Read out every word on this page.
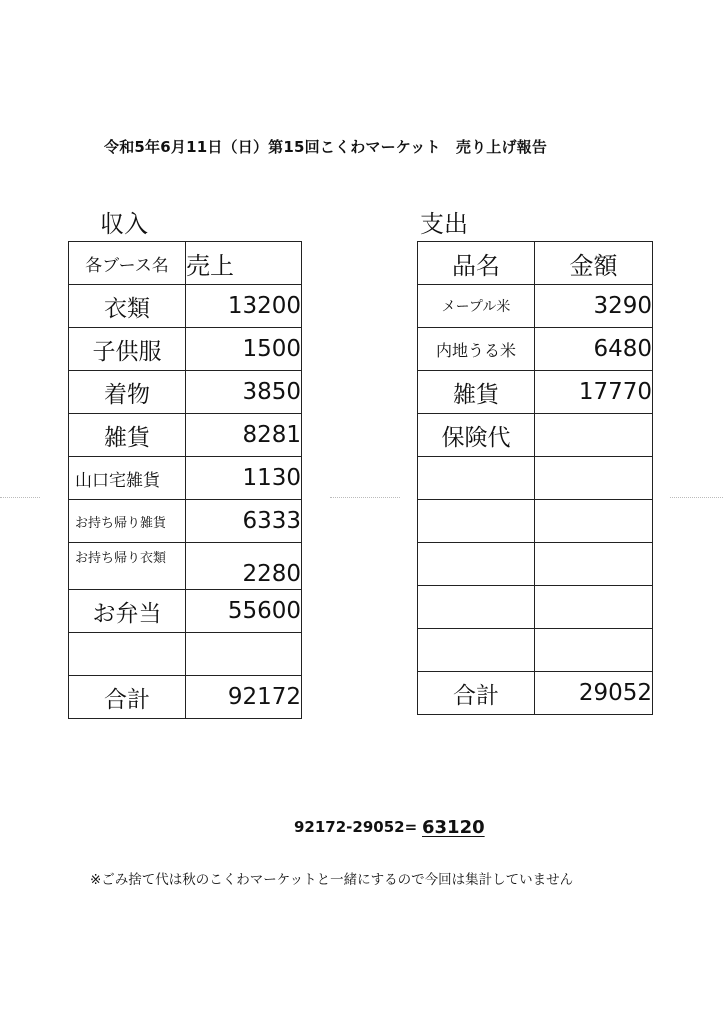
令和5年6月11日（日）第15回こくわマーケット　売り上げ報告
収入	支出
各ブース名	売上
衣類	13200
子供服	1500
着物	3850
雑貨	8281
山口宅雑貨	1130
お持ち帰り雑貨	6333
お持ち帰り衣類	2280
お弁当	55600

合計	92172
品名	金額
メープル米	3290
内地うる米	6480
雑貨	17770
保険代	

合計	29052
92172-29052= 63120
※ごみ捨て代は秋のこくわマーケットと一緒にするので今回は集計していません
